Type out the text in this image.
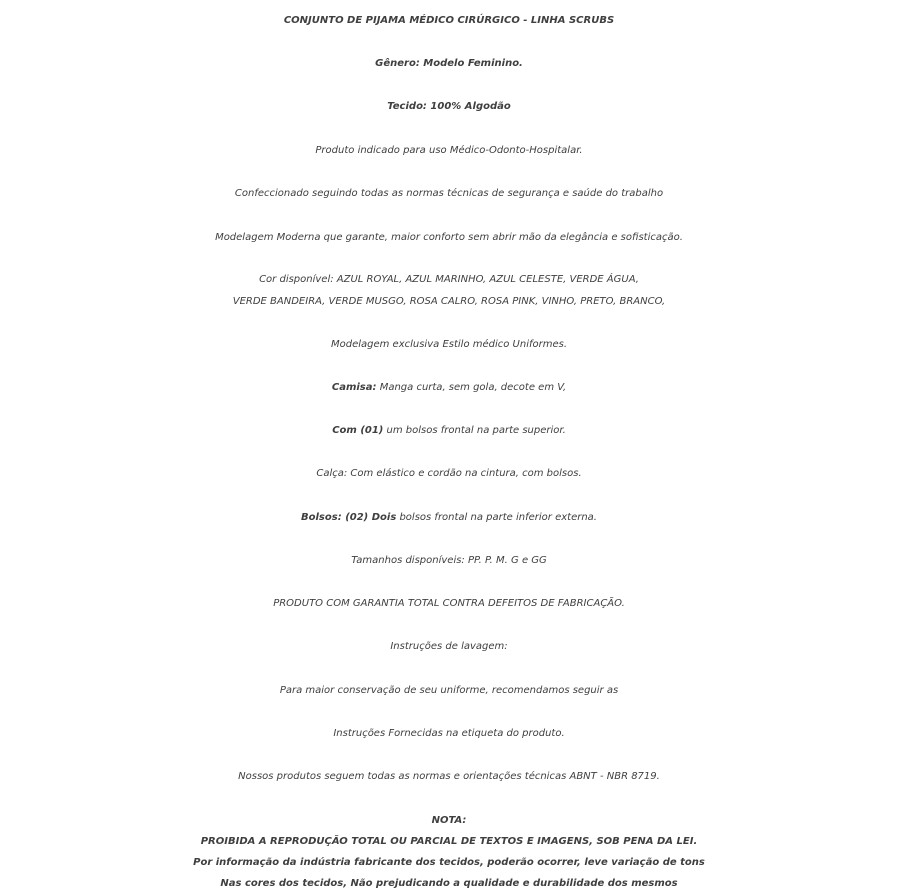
CONJUNTO DE PIJAMA MÉDICO CIRÚRGICO - LINHA SCRUBS
Gênero: Modelo Feminino.
Tecido: 100% Algodão
Produto indicado para uso Médico-Odonto-Hospitalar.
Confeccionado seguindo todas as normas técnicas de segurança e saúde do trabalho
Modelagem Moderna que garante, maior conforto sem abrir mão da elegância e sofisticação.
Cor disponível: AZUL ROYAL, AZUL MARINHO, AZUL CELESTE, VERDE ÁGUA,
VERDE BANDEIRA, VERDE MUSGO, ROSA CALRO, ROSA PINK, VINHO, PRETO, BRANCO,
Modelagem exclusiva Estilo médico Uniformes.
Camisa: Manga curta, sem gola, decote em V,
Com (01) um bolsos frontal na parte superior.
Calça: Com elástico e cordão na cintura, com bolsos.
Bolsos: (02) Dois bolsos frontal na parte inferior externa.
Tamanhos disponíveis: PP. P. M. G e GG
PRODUTO COM GARANTIA TOTAL CONTRA DEFEITOS DE FABRICAÇÃO.
Instruções de lavagem:
Para maior conservação de seu uniforme, recomendamos seguir as
Instruções Fornecidas na etiqueta do produto.
Nossos produtos seguem todas as normas e orientações técnicas ABNT - NBR 8719.
NOTA:
PROIBIDA A REPRODUÇÃO TOTAL OU PARCIAL DE TEXTOS E IMAGENS, SOB PENA DA LEI.
Por informação da indústria fabricante dos tecidos, poderão ocorrer, leve variação de tons
Nas cores dos tecidos, Não prejudicando a qualidade e durabilidade dos mesmos
